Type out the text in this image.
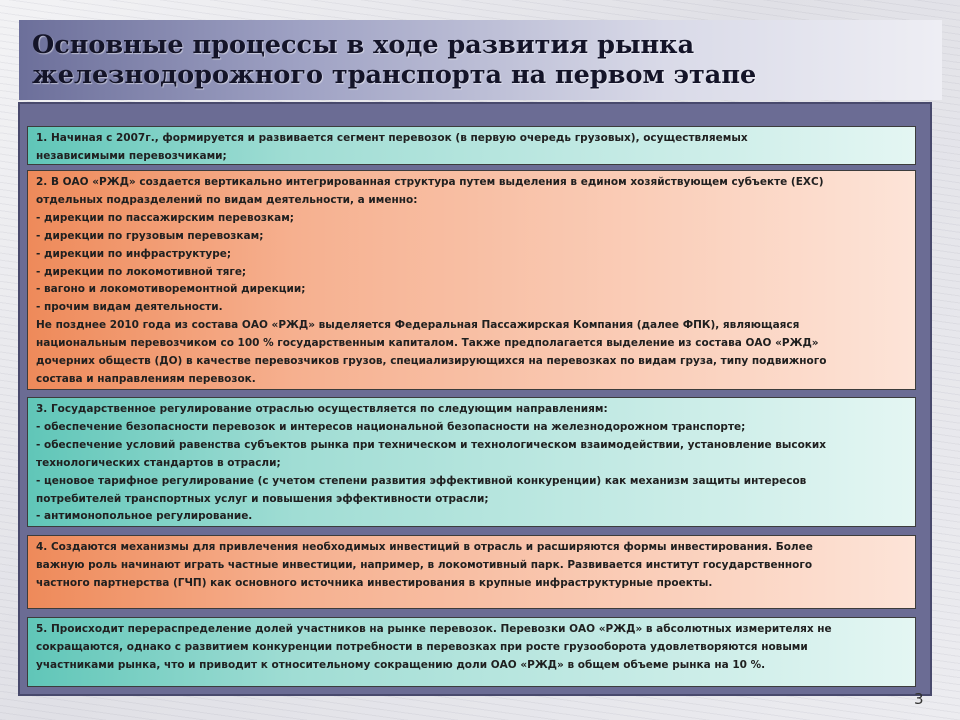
Основные процессы в ходе развития рынка
железнодорожного транспорта на первом этапе
1. Начиная с 2007г., формируется и развивается сегмент перевозок (в первую очередь грузовых), осуществляемых
независимыми перевозчиками;
2. В ОАО «РЖД» создается вертикально интегрированная структура путем выделения в едином хозяйствующем субъекте (ЕХС)
отдельных подразделений по видам деятельности, а именно:
- дирекции по пассажирским перевозкам;
- дирекции по грузовым перевозкам;
- дирекции по инфраструктуре;
- дирекции по локомотивной тяге;
- вагоно и локомотиворемонтной дирекции;
- прочим видам деятельности.
Не позднее 2010 года из состава ОАО «РЖД» выделяется Федеральная Пассажирская Компания (далее ФПК), являющаяся
национальным перевозчиком со 100 % государственным капиталом. Также предполагается выделение из состава ОАО «РЖД»
дочерних обществ (ДО) в качестве перевозчиков грузов, специализирующихся на перевозках по видам груза, типу подвижного
состава и направлениям перевозок.
3. Государственное регулирование отраслью осуществляется по следующим направлениям:
- обеспечение безопасности перевозок и интересов национальной безопасности на железнодорожном транспорте;
- обеспечение условий равенства субъектов рынка при техническом и технологическом взаимодействии, установление высоких
технологических стандартов в отрасли;
- ценовое тарифное регулирование (с учетом степени развития эффективной конкуренции) как механизм защиты интересов
потребителей транспортных услуг и повышения эффективности отрасли;
- антимонопольное регулирование.
4. Создаются механизмы для привлечения необходимых инвестиций в отрасль и расширяются формы инвестирования. Более
важную роль начинают играть частные инвестиции, например, в локомотивный парк. Развивается институт государственного
частного партнерства (ГЧП) как основного источника инвестирования в крупные инфраструктурные проекты.
5. Происходит перераспределение долей участников на рынке перевозок. Перевозки ОАО «РЖД» в абсолютных измерителях не
сокращаются, однако с развитием конкуренции потребности в перевозках при росте грузооборота удовлетворяются новыми
участниками рынка, что и приводит к относительному сокращению доли ОАО «РЖД» в общем объеме рынка на 10 %.
3
